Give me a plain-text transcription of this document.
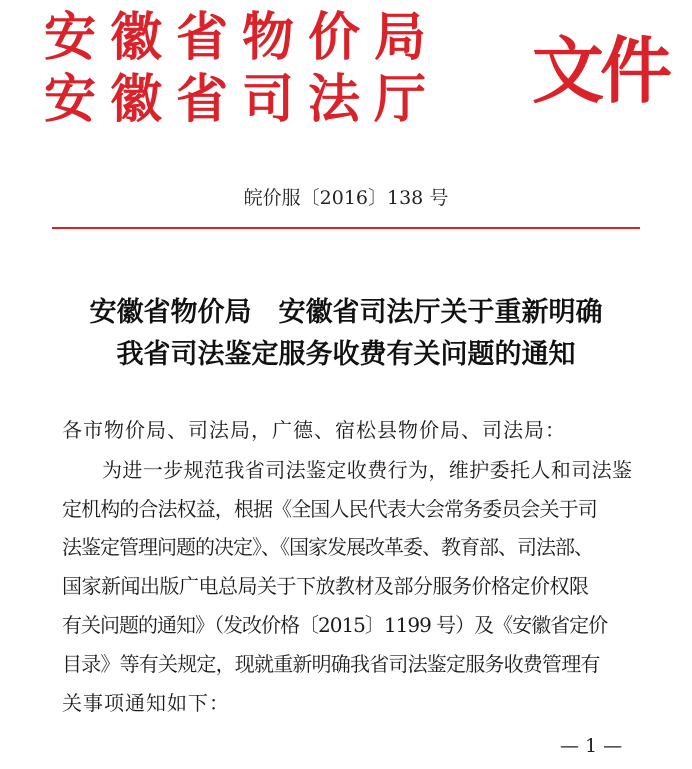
安徽省物价局
安徽省司法厅 文件
皖价服〔2016〕138 号
安徽省物价局　安徽省司法厅关于重新明确
我省司法鉴定服务收费有关问题的通知
各市物价局、司法局，广德、宿松县物价局、司法局：
为进一步规范我省司法鉴定收费行为，维护委托人和司法鉴
定机构的合法权益，根据《全国人民代表大会常务委员会关于司
法鉴定管理问题的决定》、《国家发展改革委、教育部、司法部、
国家新闻出版广电总局关于下放教材及部分服务价格定价权限
有关问题的通知》（发改价格〔2015〕1199 号）及《安徽省定价
目录》等有关规定，现就重新明确我省司法鉴定服务收费管理有
关事项通知如下：
— 1 —
